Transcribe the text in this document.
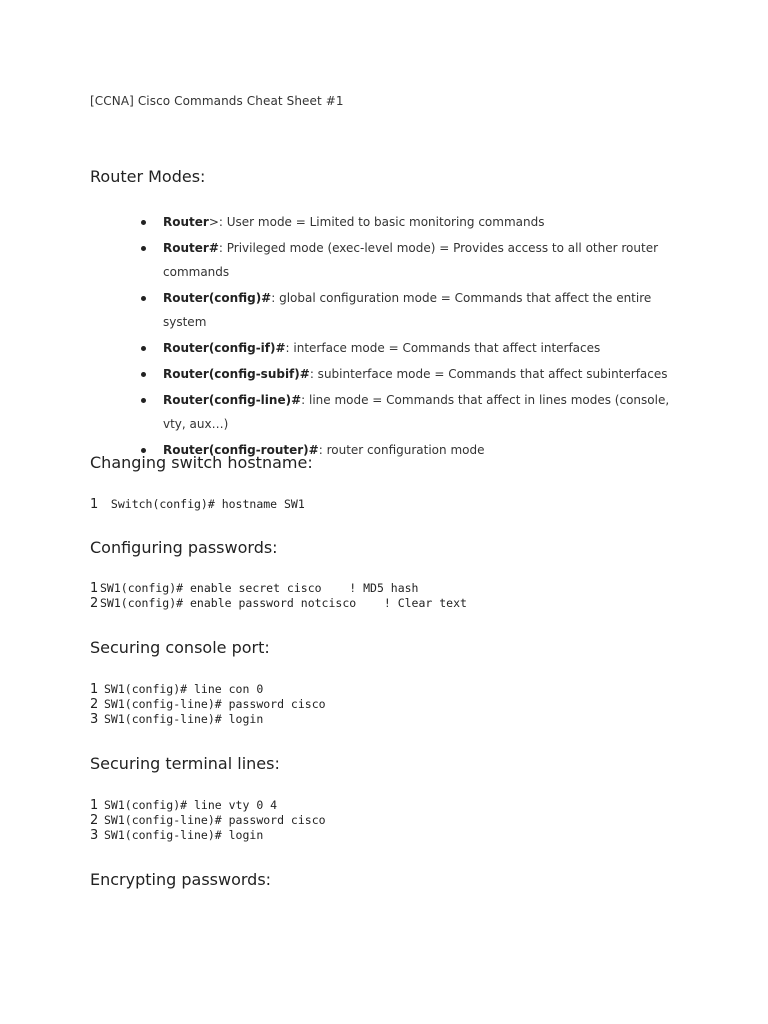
[CCNA] Cisco Commands Cheat Sheet #1
Router Modes:
Router>: User mode = Limited to basic monitoring commands
Router#: Privileged mode (exec-level mode) = Provides access to all other router commands
Router(config)#: global configuration mode = Commands that affect the entire system
Router(config-if)#: interface mode = Commands that affect interfaces
Router(config-subif)#: subinterface mode = Commands that affect subinterfaces
Router(config-line)#: line mode = Commands that affect in lines modes (console, vty, aux…)
Router(config-router)#: router configuration mode
Changing switch hostname:
1 Switch(config)# hostname SW1
Configuring passwords:
1 SW1(config)# enable secret cisco    ! MD5 hash
2 SW1(config)# enable password notcisco    ! Clear text
Securing console port:
1 SW1(config)# line con 0
2 SW1(config-line)# password cisco
3 SW1(config-line)# login
Securing terminal lines:
1 SW1(config)# line vty 0 4
2 SW1(config-line)# password cisco
3 SW1(config-line)# login
Encrypting passwords:
